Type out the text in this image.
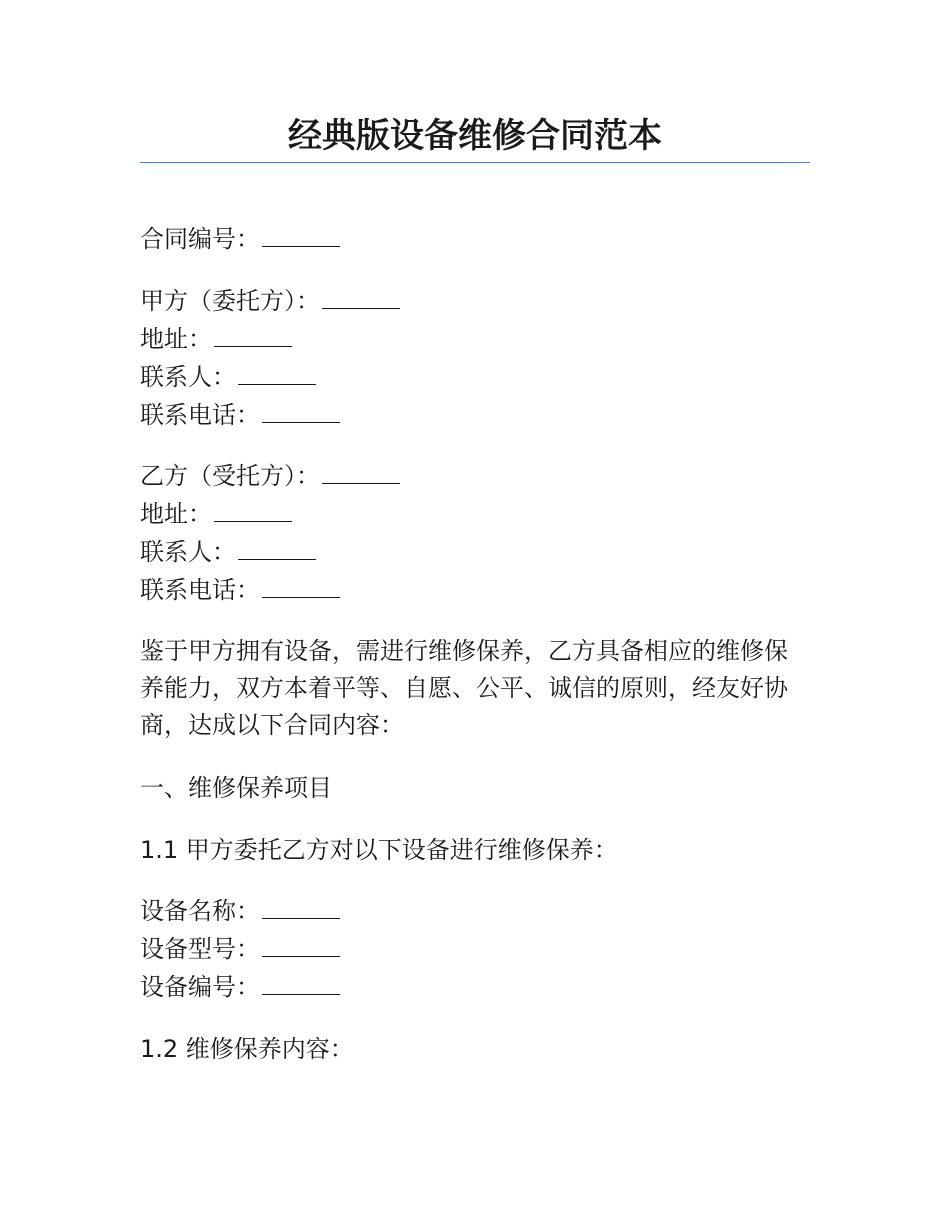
经典版设备维修合同范本
合同编号：
甲方（委托方）：
地址：
联系人：
联系电话：
乙方（受托方）：
地址：
联系人：
联系电话：

鉴于甲方拥有设备，需进行维修保养，乙方具备相应的维修保养能力，双方本着平等、自愿、公平、诚信的原则，经友好协商，达成以下合同内容：

一、维修保养项目
1.1 甲方委托乙方对以下设备进行维修保养：
设备名称：
设备型号：
设备编号：
1.2 维修保养内容：
